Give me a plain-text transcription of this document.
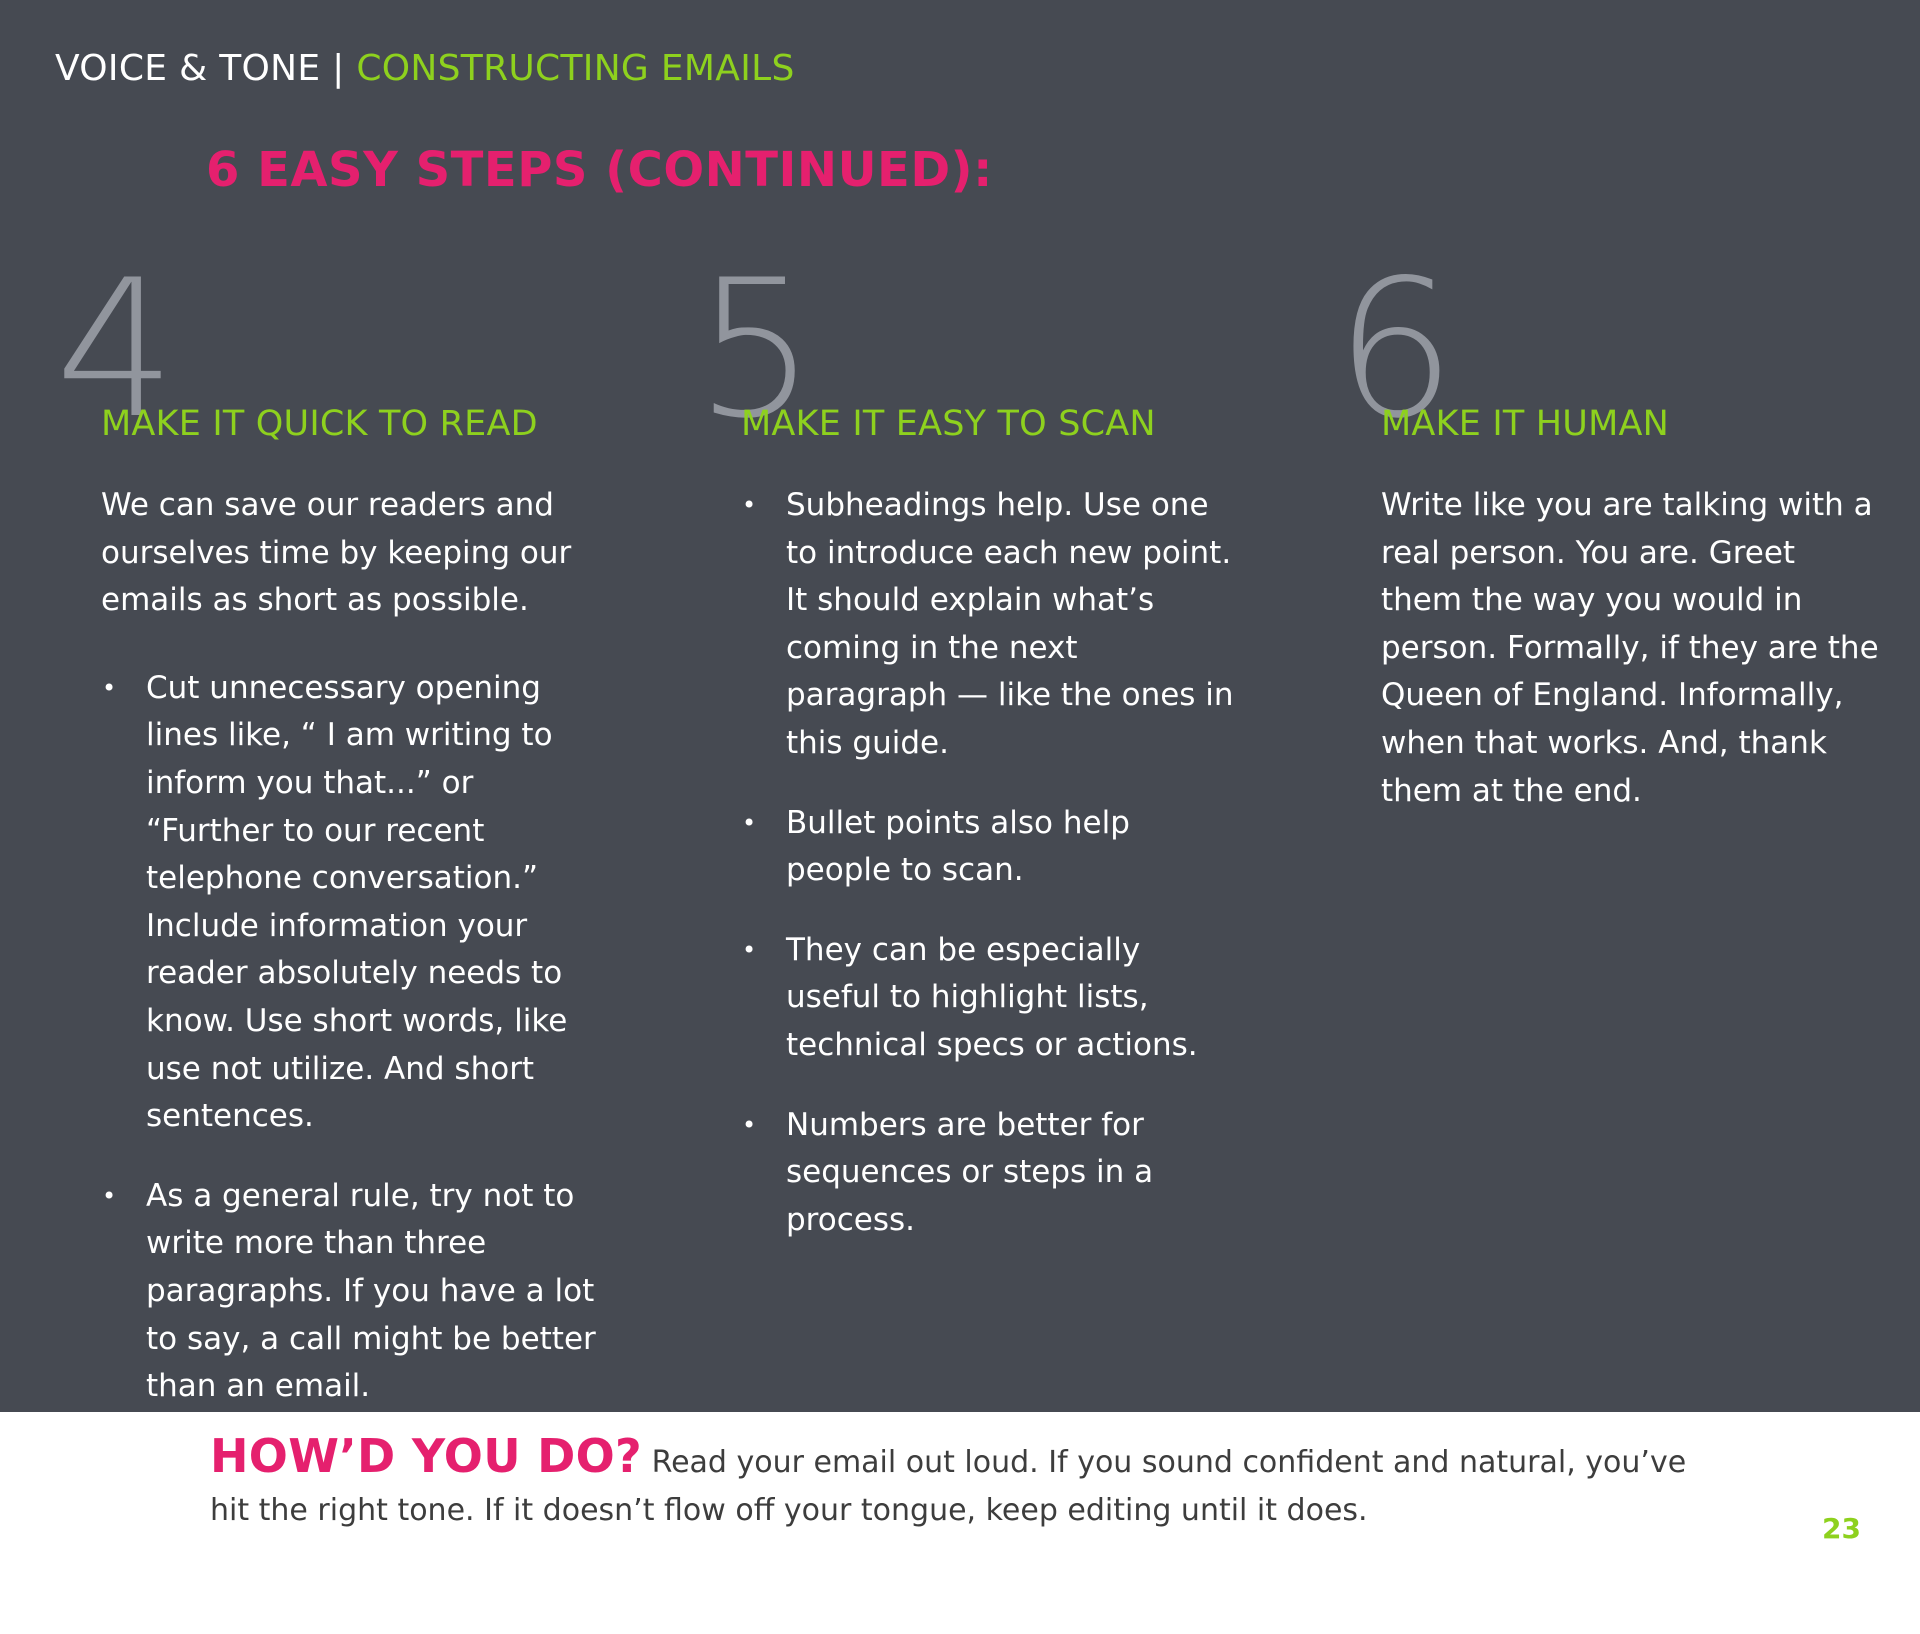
VOICE & TONE | CONSTRUCTING EMAILS
6 EASY STEPS (CONTINUED):
4	5	6
MAKE IT QUICK TO READ

We can save our readers and ourselves time by keeping our emails as short as possible.

• Cut unnecessary opening lines like, “ I am writing to inform you that...” or “Further to our recent telephone conversation.” Include information your reader absolutely needs to know. Use short words, like use not utilize. And short sentences.
• As a general rule, try not to write more than three paragraphs. If you have a lot to say, a call might be better than an email.
MAKE IT EASY TO SCAN
• Subheadings help. Use one to introduce each new point. It should explain what’s coming in the next paragraph — like the ones in this guide.
• Bullet points also help people to scan.
• They can be especially useful to highlight lists, technical specs or actions.
• Numbers are better for sequences or steps in a process.
MAKE IT HUMAN

Write like you are talking with a real person. You are. Greet them the way you would in person. Formally, if they are the Queen of England. Informally, when that works. And, thank them at the end.

HOW’D YOU DO? Read your email out loud. If you sound confident and natural, you’ve hit the right tone. If it doesn’t flow off your tongue, keep editing until it does.
23
